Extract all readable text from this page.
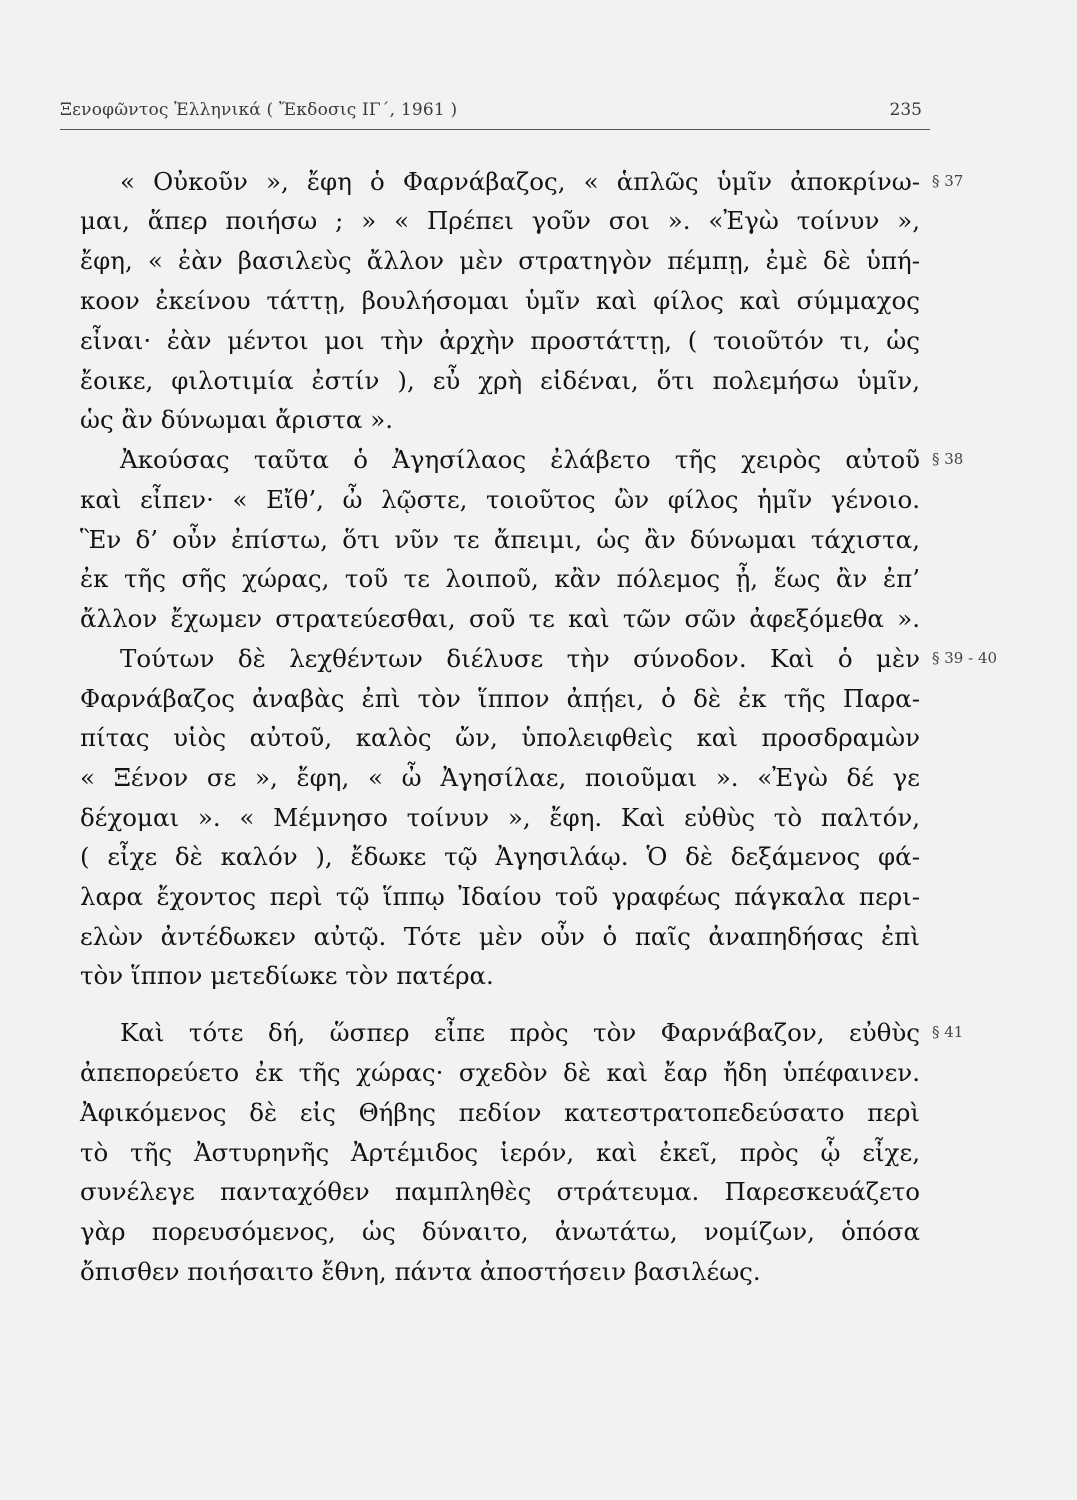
Ξενοφῶντος Ἑλληνικά ( Ἔκδοσις ΙΓ΄, 1961 )	235
« Οὐκοῦν », ἔφη ὁ Φαρνάβαζος, « ἁπλῶς ὑμῖν ἀποκρίνω-
μαι, ἅπερ ποιήσω ; » « Πρέπει γοῦν σοι ». «Ἐγὼ τοίνυν »,
ἔφη, « ἐὰν βασιλεὺς ἄλλον μὲν στρατηγὸν πέμπῃ, ἐμὲ δὲ ὑπή-
κοον ἐκείνου τάττῃ, βουλήσομαι ὑμῖν καὶ φίλος καὶ σύμμαχος
εἶναι· ἐὰν μέντοι μοι τὴν ἀρχὴν προστάττῃ, ( τοιοῦτόν τι, ὡς
ἔοικε, φιλοτιμία ἐστίν ), εὖ χρὴ εἰδέναι, ὅτι πολεμήσω ὑμῖν,
ὡς ἂν δύνωμαι ἄριστα ».
Ἀκούσας ταῦτα ὁ Ἀγησίλαος ἐλάβετο τῆς χειρὸς αὐτοῦ
καὶ εἶπεν· « Εἴθ’, ὦ λῷστε, τοιοῦτος ὢν φίλος ἡμῖν γένοιο.
Ἓν δ’ οὖν ἐπίστω, ὅτι νῦν τε ἄπειμι, ὡς ἂν δύνωμαι τάχιστα,
ἐκ τῆς σῆς χώρας, τοῦ τε λοιποῦ, κἂν πόλεμος ᾖ, ἕως ἂν ἐπ’
ἄλλον ἔχωμεν στρατεύεσθαι, σοῦ τε καὶ τῶν σῶν ἀφεξόμεθα ».
Τούτων δὲ λεχθέντων διέλυσε τὴν σύνοδον. Καὶ ὁ μὲν
Φαρνάβαζος ἀναβὰς ἐπὶ τὸν ἵππον ἀπῄει, ὁ δὲ ἐκ τῆς Παρα-
πίτας υἱὸς αὐτοῦ, καλὸς ὤν, ὑπολειφθεὶς καὶ προσδραμὼν
« Ξένον σε », ἔφη, « ὦ Ἀγησίλαε, ποιοῦμαι ». «Ἐγὼ δέ γε
δέχομαι ». « Μέμνησο τοίνυν », ἔφη. Καὶ εὐθὺς τὸ παλτόν,
( εἶχε δὲ καλόν ), ἔδωκε τῷ Ἀγησιλάῳ. Ὁ δὲ δεξάμενος φά-
λαρα ἔχοντος περὶ τῷ ἵππῳ Ἰδαίου τοῦ γραφέως πάγκαλα περι-
ελὼν ἀντέδωκεν αὐτῷ. Τότε μὲν οὖν ὁ παῖς ἀναπηδήσας ἐπὶ
τὸν ἵππον μετεδίωκε τὸν πατέρα.
Καὶ τότε δή, ὥσπερ εἶπε πρὸς τὸν Φαρνάβαζον, εὐθὺς
ἀπεπορεύετο ἐκ τῆς χώρας· σχεδὸν δὲ καὶ ἔαρ ἤδη ὑπέφαινεν.
Ἀφικόμενος δὲ εἰς Θήβης πεδίον κατεστρατοπεδεύσατο περὶ
τὸ τῆς Ἀστυρηνῆς Ἀρτέμιδος ἱερόν, καὶ ἐκεῖ, πρὸς ᾧ εἶχε,
συνέλεγε πανταχόθεν παμπληθὲς στράτευμα. Παρεσκευάζετο
γὰρ πορευσόμενος, ὡς δύναιτο, ἀνωτάτω, νομίζων, ὁπόσα
ὄπισθεν ποιήσαιτο ἔθνη, πάντα ἀποστήσειν βασιλέως.
§ 37
§ 38
§ 39 - 40
§ 41
